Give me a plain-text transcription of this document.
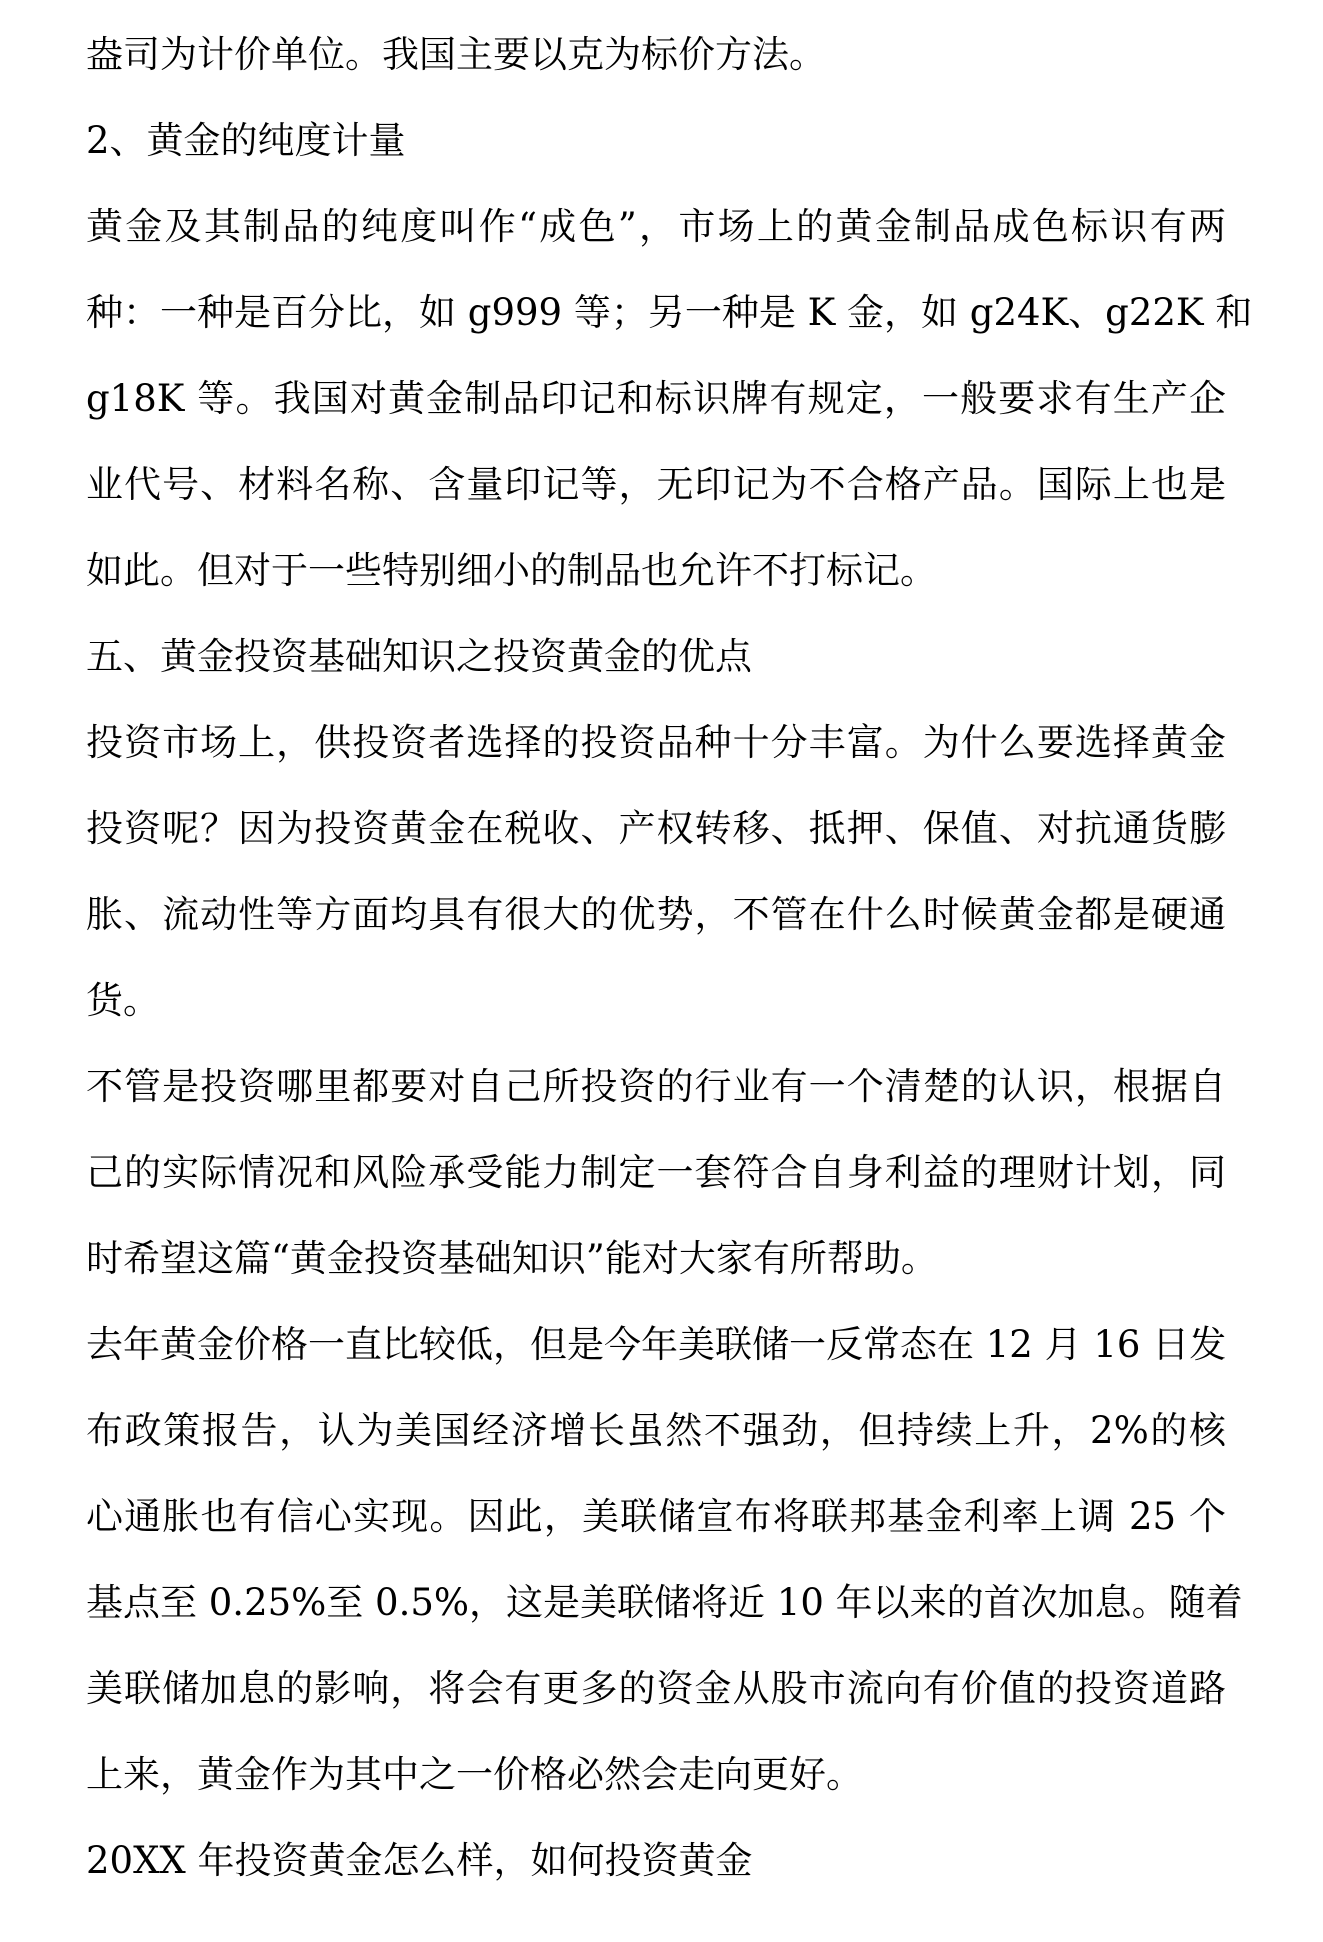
盎司为计价单位。我国主要以克为标价方法。
2、黄金的纯度计量
黄金及其制品的纯度叫作“成色”，市场上的黄金制品成色标识有两
种：一种是百分比，如 g999 等；另一种是 K 金，如 g24K、g22K 和
g18K 等。我国对黄金制品印记和标识牌有规定，一般要求有生产企
业代号、材料名称、含量印记等，无印记为不合格产品。国际上也是
如此。但对于一些特别细小的制品也允许不打标记。
五、黄金投资基础知识之投资黄金的优点
投资市场上，供投资者选择的投资品种十分丰富。为什么要选择黄金
投资呢？因为投资黄金在税收、产权转移、抵押、保值、对抗通货膨
胀、流动性等方面均具有很大的优势，不管在什么时候黄金都是硬通
货。
不管是投资哪里都要对自己所投资的行业有一个清楚的认识，根据自
己的实际情况和风险承受能力制定一套符合自身利益的理财计划，同
时希望这篇“黄金投资基础知识”能对大家有所帮助。
去年黄金价格一直比较低，但是今年美联储一反常态在 12 月 16 日发
布政策报告，认为美国经济增长虽然不强劲，但持续上升，2%的核
心通胀也有信心实现。因此，美联储宣布将联邦基金利率上调 25 个
基点至 0.25%至 0.5%，这是美联储将近 10 年以来的首次加息。随着
美联储加息的影响，将会有更多的资金从股市流向有价值的投资道路
上来，黄金作为其中之一价格必然会走向更好。
20XX 年投资黄金怎么样，如何投资黄金
